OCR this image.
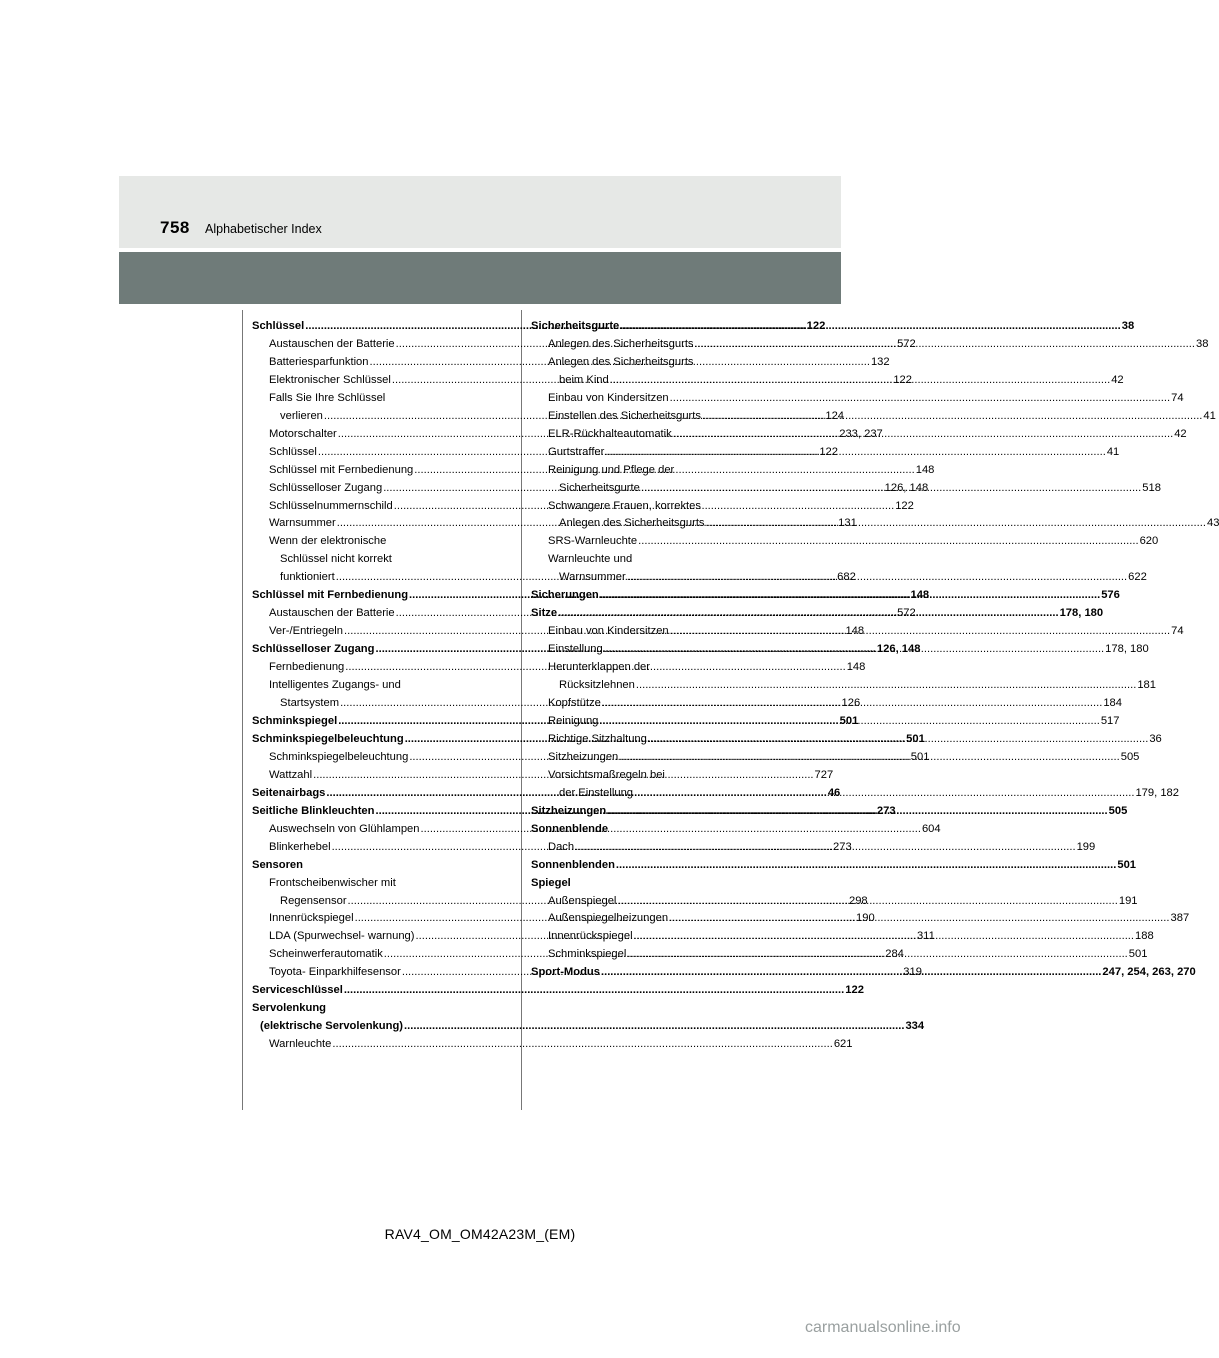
758 Alphabetischer Index
Schlüssel .....	122
Austauschen der Batterie .....	572
Batteriesparfunktion .....	132
Elektronischer Schlüssel .....	122
Falls Sie Ihre Schlüssel
verlieren .....	124
Motorschalter .....	233, 237
Schlüssel .....	122
Schlüssel mit Fernbedienung .....	148
Schlüsselloser Zugang .....	126, 148
Schlüsselnummernschild .....	122
Warnsummer .....	131
Wenn der elektronische
Schlüssel nicht korrekt
funktioniert .....	682
Schlüssel mit Fernbedienung .....	148
Austauschen der Batterie .....	572
Ver-/Entriegeln .....	148
Schlüsselloser Zugang .....	126, 148
Fernbedienung .....	148
Intelligentes Zugangs- und
Startsystem .....	126
Schminkspiegel .....	501
Schminkspiegelbeleuchtung .....	501
Schminkspiegelbeleuchtung .....	501
Wattzahl .....	727
Seitenairbags .....	46
Seitliche Blinkleuchten .....	273
Auswechseln von Glühlampen .....	604
Blinkerhebel .....	273
Sensoren
Frontscheibenwischer mit
Regensensor .....	298
Innenrückspiegel .....	190
LDA (Spurwechsel- warnung) .....	311
Scheinwerferautomatik .....	284
Toyota- Einparkhilfesensor .....	319
Serviceschlüssel .....	122
Servolenkung
(elektrische Servolenkung) .....	334
Warnleuchte .....	621
Sicherheitsgurte .....	38
Anlegen des Sicherheitsgurts .....	38
Anlegen des Sicherheitsgurts
beim Kind .....	42
Einbau von Kindersitzen .....	74
Einstellen des Sicherheitsgurts .....	41
ELR-Rückhalteautomatik .....	42
Gurtstraffer .....	41
Reinigung und Pflege der
Sicherheitsgurte .....	518
Schwangere Frauen, korrektes
Anlegen des Sicherheitsgurts .....	43
SRS-Warnleuchte .....	620
Warnleuchte und
Warnsummer .....	622
Sicherungen .....	576
Sitze .....	178, 180
Einbau von Kindersitzen .....	74
Einstellung .....	178, 180
Herunterklappen der
Rücksitzlehnen .....	181
Kopfstütze .....	184
Reinigung .....	517
Richtige Sitzhaltung .....	36
Sitzheizungen .....	505
Vorsichtsmaßregeln bei
der Einstellung .....	179, 182
Sitzheizungen .....	505
Sonnenblende
Dach .....	199
Sonnenblenden .....	501
Spiegel
Außenspiegel .....	191
Außenspiegelheizungen .....	387
Innenrückspiegel .....	188
Schminkspiegel .....	501
Sport-Modus .....	247, 254, 263, 270
RAV4_OM_OM42A23M_(EM)
carmanualsonline.info
